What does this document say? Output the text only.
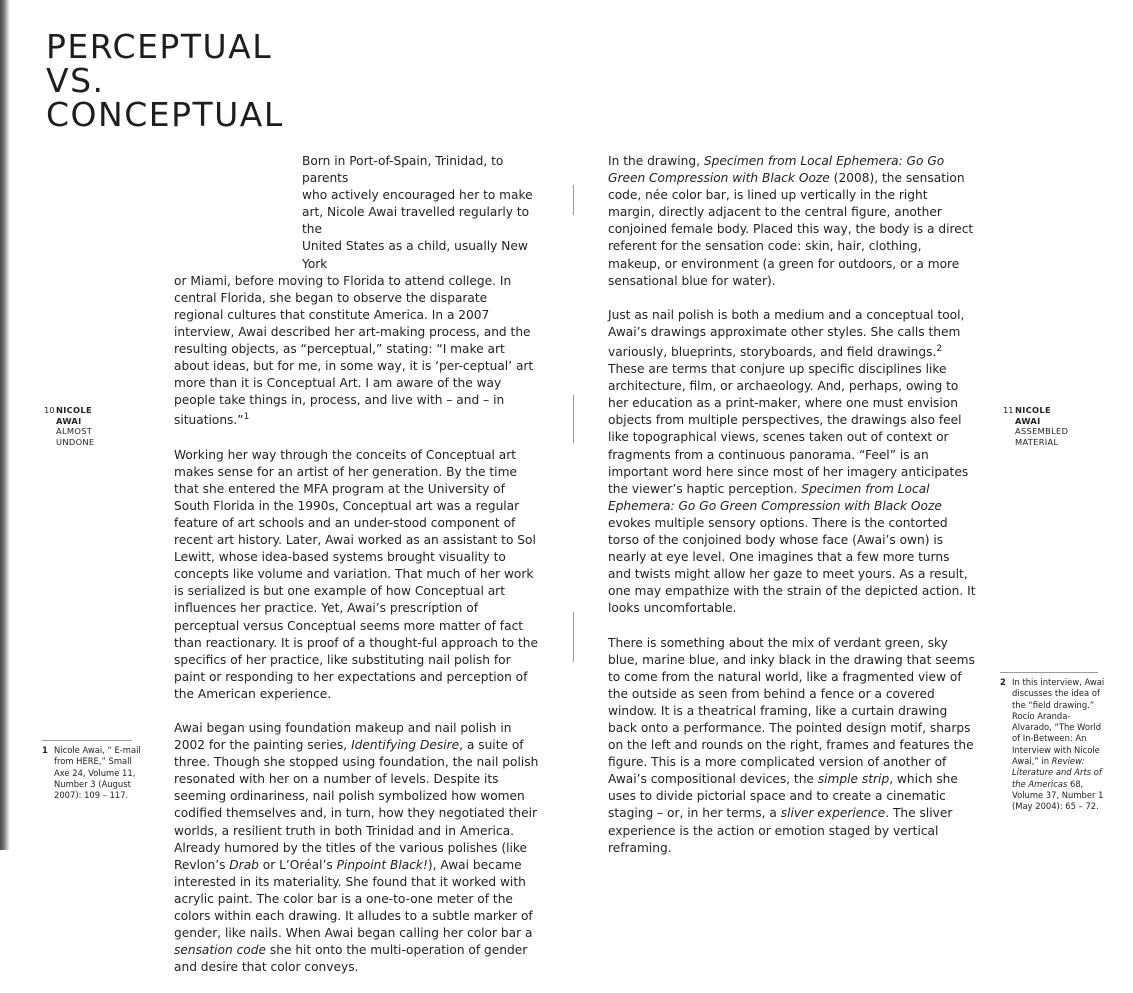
PERCEPTUAL
VS.
CONCEPTUAL
10 NICOLE
AWAI
ALMOST
UNDONE
11 NICOLE
AWAI
ASSEMBLED
MATERIAL

Born in Port-of-Spain, Trinidad, to parents
who actively encouraged her to make
art, Nicole Awai travelled regularly to the
United States as a child, usually New York
or Miami, before moving to Florida to attend college. In central Florida, she began to observe the disparate regional cultures that constitute America. In a 2007 interview, Awai described her art-making process, and the resulting objects, as “perceptual,” stating: “I make art about ideas, but for me, in some way, it is ‘per-ceptual’ art more than it is Conceptual Art. I am aware of the way people take things in, process, and live with – and – in situations.”$^1$

Working her way through the conceits of Conceptual art makes sense for an artist of her generation. By the time that she entered the MFA program at the University of South Florida in the 1990s, Conceptual art was a regular feature of art schools and an under-stood component of recent art history. Later, Awai worked as an assistant to Sol Lewitt, whose idea-based systems brought visuality to concepts like volume and variation. That much of her work is serialized is but one example of how Conceptual art influences her practice. Yet, Awai’s prescription of perceptual versus Conceptual seems more matter of fact than reactionary. It is proof of a thought-ful approach to the specifics of her practice, like substituting nail polish for paint or responding to her expectations and perception of the American experience.

Awai began using foundation makeup and nail polish in 2002 for the painting series, Identifying Desire, a suite of three. Though she stopped using foundation, the nail polish resonated with her on a number of levels. Despite its seeming ordinariness, nail polish symbolized how women codified themselves and, in turn, how they negotiated their worlds, a resilient truth in both Trinidad and in America. Already humored by the titles of the various polishes (like Revlon’s Drab or L’Oréal’s Pinpoint Black!), Awai became interested in its materiality. She found that it worked with acrylic paint. The color bar is a one-to-one meter of the colors within each drawing. It alludes to a subtle marker of gender, like nails. When Awai began calling her color bar a sensation code she hit onto the multi-operation of gender and desire that color conveys.

In the drawing, Specimen from Local Ephemera: Go Go Green Compression with Black Ooze (2008), the sensation code, née color bar, is lined up vertically in the right margin, directly adjacent to the central figure, another conjoined female body. Placed this way, the body is a direct referent for the sensation code: skin, hair, clothing, makeup, or environment (a green for outdoors, or a more sensational blue for water).

Just as nail polish is both a medium and a conceptual tool, Awai’s drawings approximate other styles. She calls them variously, blueprints, storyboards, and field drawings.$^2$ These are terms that conjure up specific disciplines like architecture, film, or archaeology. And, perhaps, owing to her education as a print-maker, where one must envision objects from multiple perspectives, the drawings also feel like topographical views, scenes taken out of context or fragments from a continuous panorama. “Feel” is an important word here since most of her imagery anticipates the viewer’s haptic perception. Specimen from Local Ephemera: Go Go Green Compression with Black Ooze evokes multiple sensory options. There is the contorted torso of the conjoined body whose face (Awai’s own) is nearly at eye level. One imagines that a few more turns and twists might allow her gaze to meet yours. As a result, one may empathize with the strain of the depicted action. It looks uncomfortable.

There is something about the mix of verdant green, sky blue, marine blue, and inky black in the drawing that seems to come from the natural world, like a fragmented view of the outside as seen from behind a fence or a covered window. It is a theatrical framing, like a curtain drawing back onto a performance. The pointed design motif, sharps on the left and rounds on the right, frames and features the figure. This is a more complicated version of another of Awai’s compositional devices, the simple strip, which she uses to divide pictorial space and to create a cinematic staging – or, in her terms, a sliver experience. The sliver experience is the action or emotion staged by vertical reframing.

1 Nicole Awai, “ E-mail from HERE,” Small Axe 24, Volume 11, Number 3 (August 2007): 109 – 117.
2 In this interview, Awai discusses the idea of the “field drawing.” Rocío Aranda-Alvarado, “The World of In-Between: An Interview with Nicole Awai,” in Review: Literature and Arts of the Americas 68, Volume 37, Number 1 (May 2004): 65 – 72.
